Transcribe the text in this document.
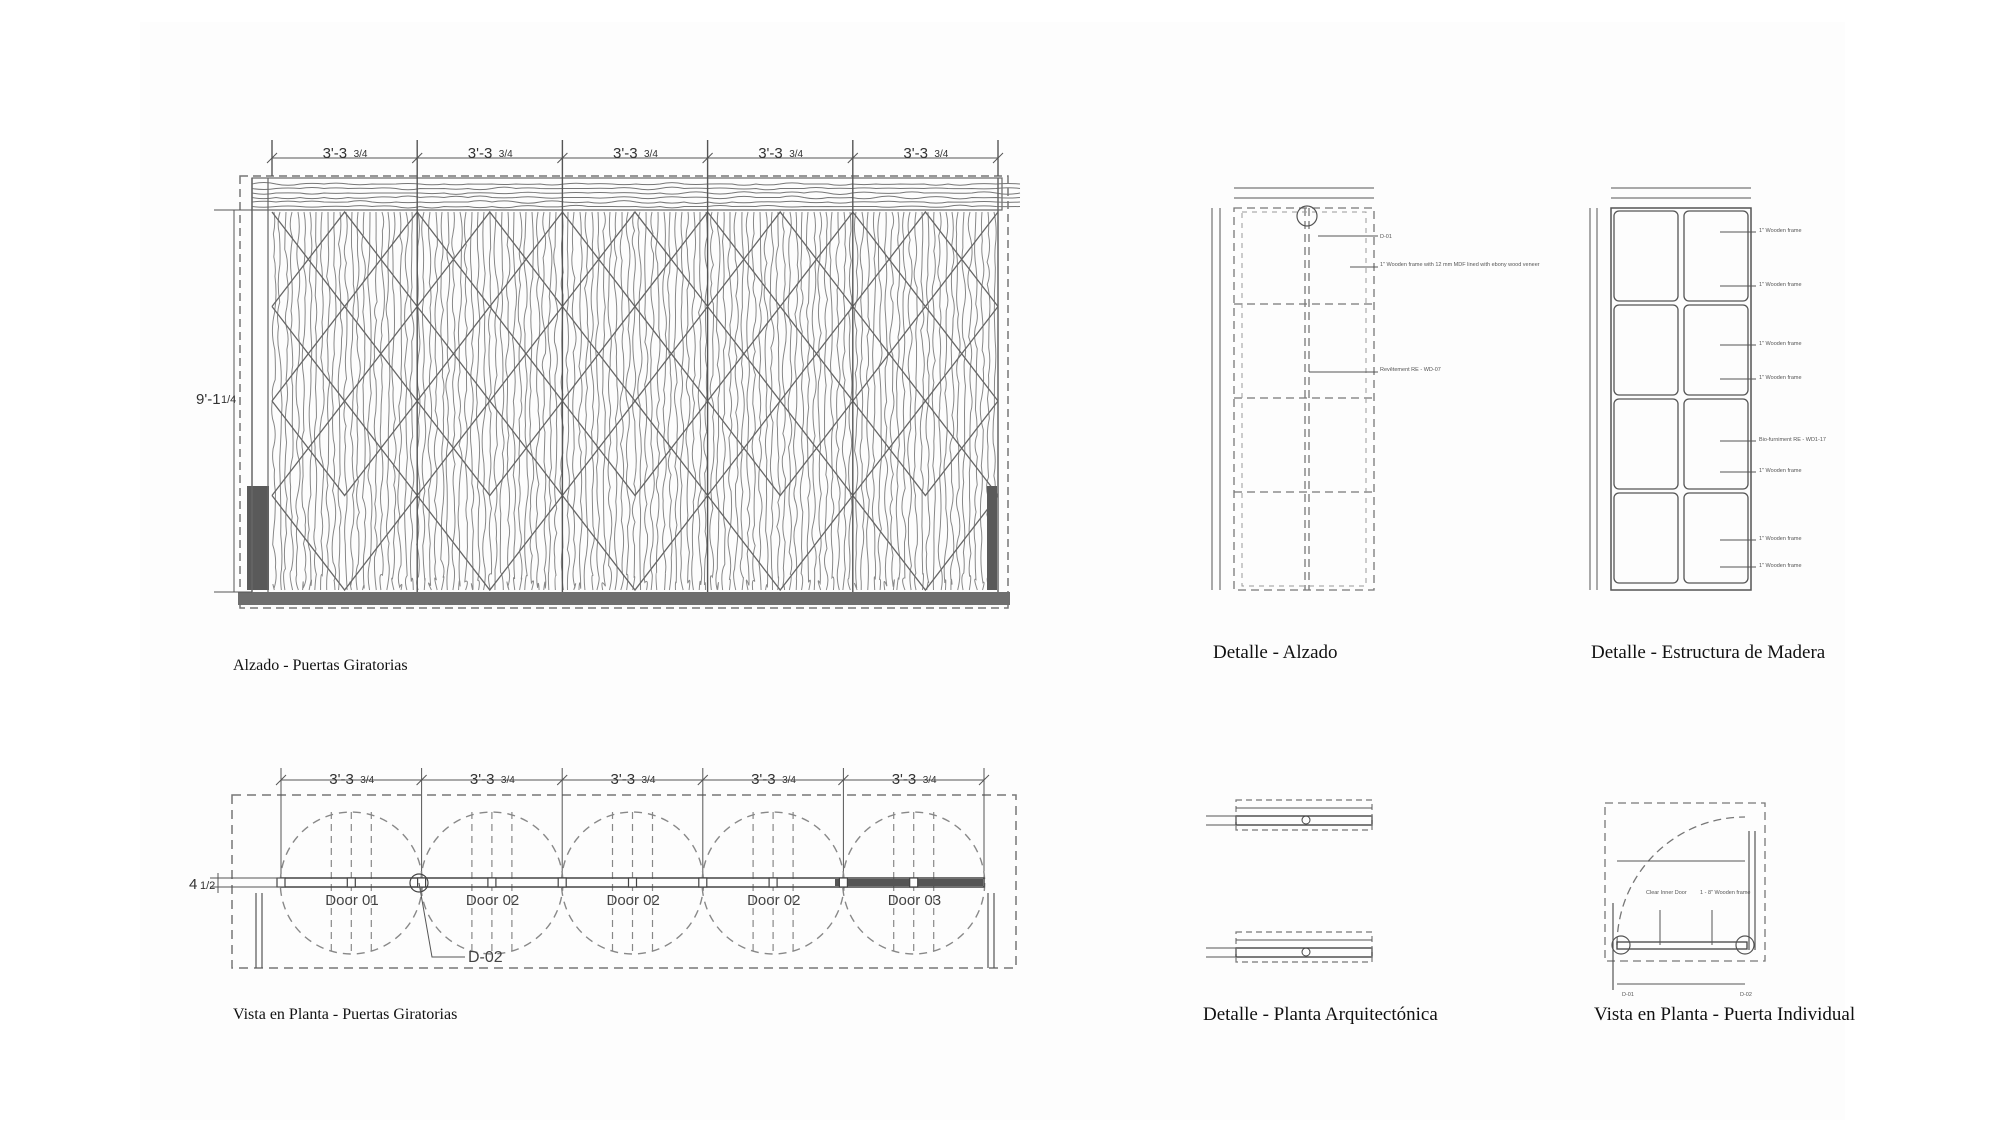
3'-3 3/4	3'-3 3/4	3'-3 3/4	3'-3 3/4	3'-3 3/4
9'-1 1/4
3'-3 3/4	3'-3 3/4	3'-3 3/4	3'-3 3/4	3'-3 3/4
Door 01	Door 02	Door 02	Door 02	Door 03
4 1/2
D-02
D-01
1" Wooden frame with 12 mm MDF lined with ebony wood veneer
Revêtement RE - WD-07
1" Wooden frame
1" Wooden frame
1" Wooden frame
1" Wooden frame
Bio-furniment RE - WD1-17
1" Wooden frame
1" Wooden frame
1" Wooden frame
Clear Inner Door 1 - 8" Wooden frame
D-01	D-02
Alzado - Puertas Giratorias
Detalle - Alzado	Detalle - Estructura de Madera
Vista en Planta - Puertas Giratorias	Detalle - Planta Arquitectónica	Vista en Planta - Puerta Individual
